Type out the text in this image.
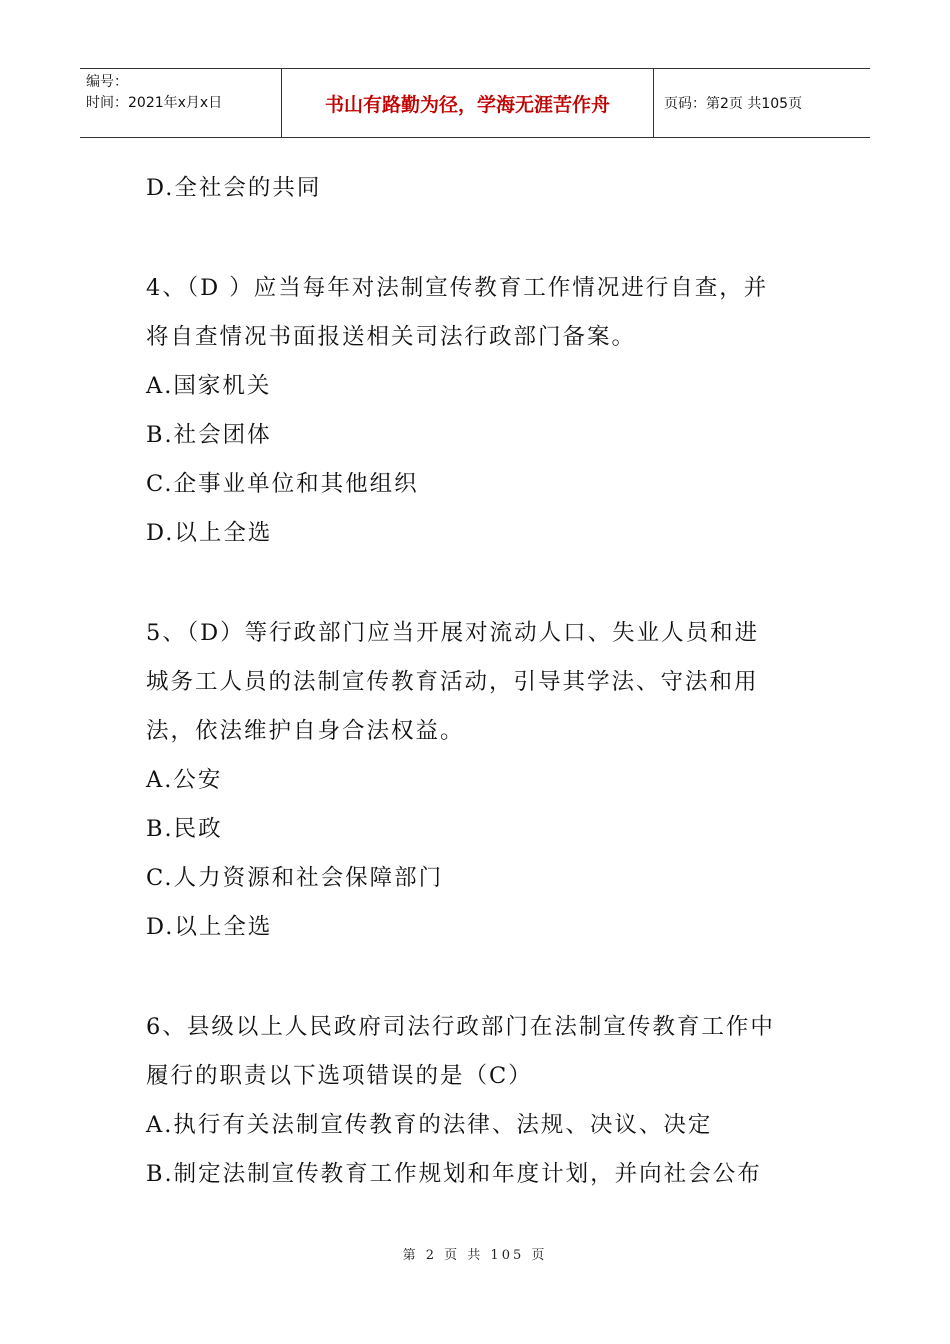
编号：
时间：2021年x月x日	书山有路勤为径，学海无涯苦作舟	页码：第2页 共105页
D.全社会的共同
4、（D ）应当每年对法制宣传教育工作情况进行自查，并
将自查情况书面报送相关司法行政部门备案。
A.国家机关
B.社会团体
C.企事业单位和其他组织
D.以上全选
5、（D）等行政部门应当开展对流动人口、失业人员和进
城务工人员的法制宣传教育活动，引导其学法、守法和用
法，依法维护自身合法权益。
A.公安
B.民政
C.人力资源和社会保障部门
D.以上全选
6、县级以上人民政府司法行政部门在法制宣传教育工作中
履行的职责以下选项错误的是（C）
A.执行有关法制宣传教育的法律、法规、决议、决定
B.制定法制宣传教育工作规划和年度计划，并向社会公布
第 2 页 共 105 页
